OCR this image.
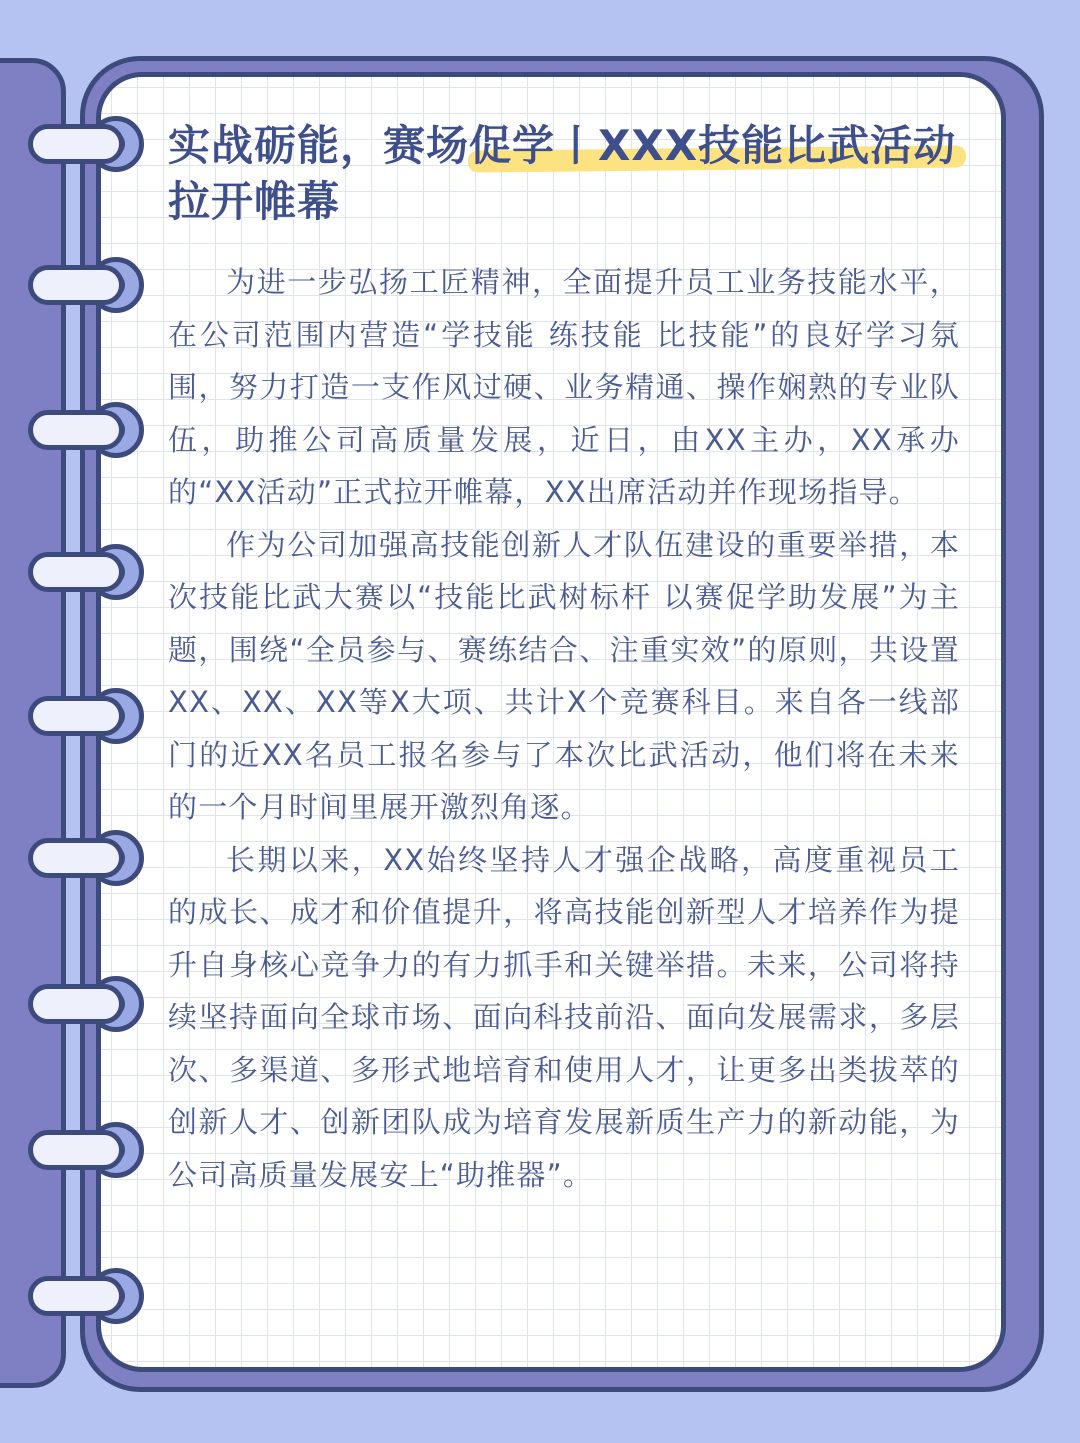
实战砺能，赛场促学丨XXX技能比武活动拉开帷幕

为进一步弘扬工匠精神，全面提升员工业务技能水平，在公司范围内营造“学技能 练技能 比技能”的良好学习氛围，努力打造一支作风过硬、业务精通、操作娴熟的专业队伍，助推公司高质量发展，近日，由XX主办，XX承办的“XX活动”正式拉开帷幕，XX出席活动并作现场指导。

作为公司加强高技能创新人才队伍建设的重要举措，本次技能比武大赛以“技能比武树标杆 以赛促学助发展”为主题，围绕“全员参与、赛练结合、注重实效”的原则，共设置XX、XX、XX等X大项、共计X个竞赛科目。来自各一线部门的近XX名员工报名参与了本次比武活动，他们将在未来的一个月时间里展开激烈角逐。

长期以来，XX始终坚持人才强企战略，高度重视员工的成长、成才和价值提升，将高技能创新型人才培养作为提升自身核心竞争力的有力抓手和关键举措。未来，公司将持续坚持面向全球市场、面向科技前沿、面向发展需求，多层次、多渠道、多形式地培育和使用人才，让更多出类拔萃的创新人才、创新团队成为培育发展新质生产力的新动能，为公司高质量发展安上“助推器”。
